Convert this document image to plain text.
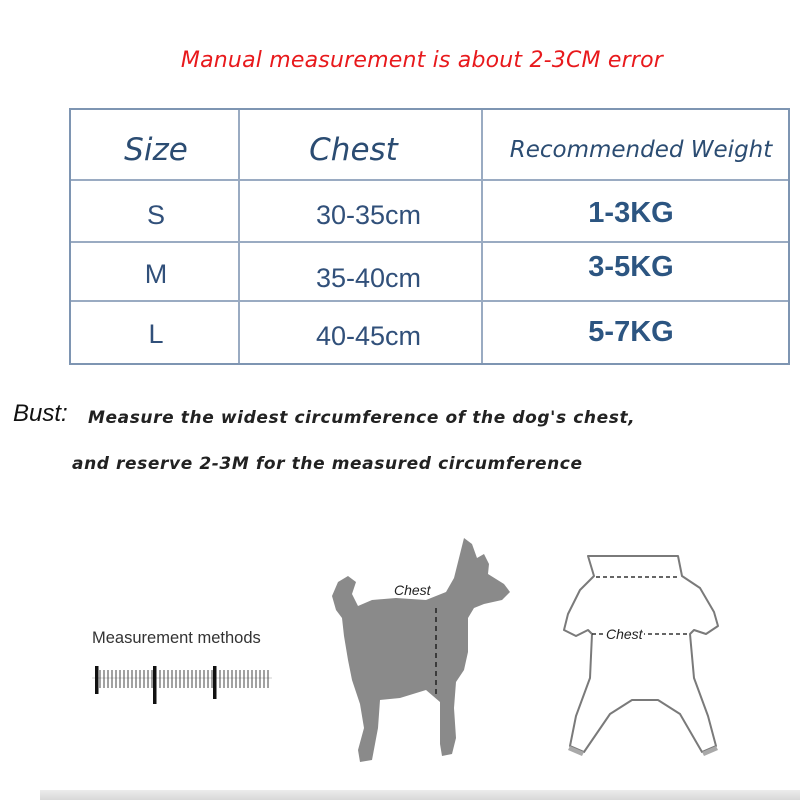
Manual measurement is about 2-3CM error
Size	Chest	Recommended Weight
S	30-35cm	1-3KG
M	35-40cm	3-5KG
L	40-45cm	5-7KG
Bust: Measure the widest circumference of the dog's chest,
and reserve 2-3M for the measured circumference
Measurement methods
Chest
Chest
